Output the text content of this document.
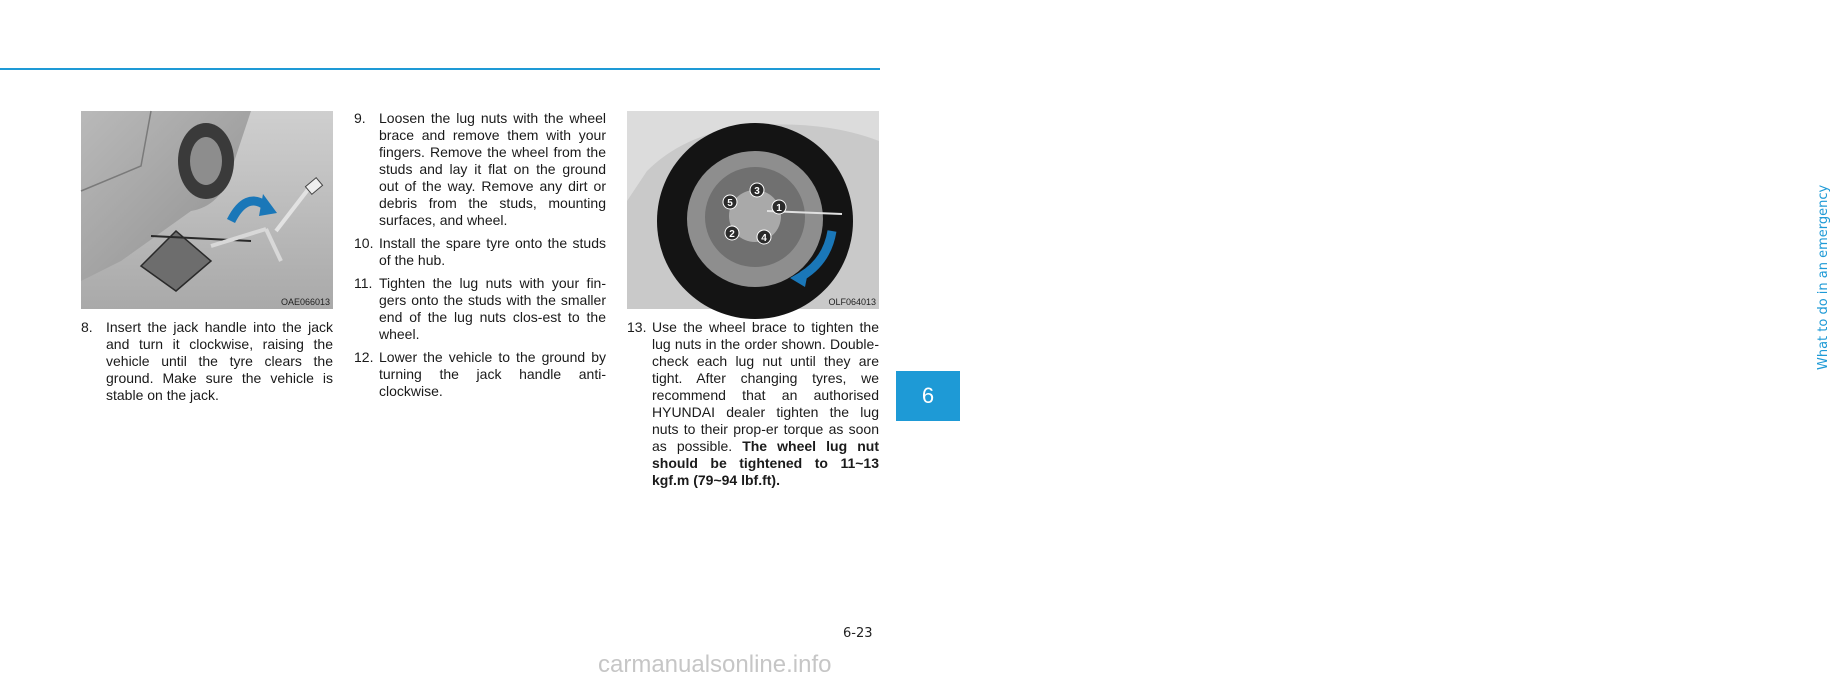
What to do in an emergency
6
OAE066013
1
2
3
4
5
OLF064013

8. Insert the jack handle into the jack and turn it clockwise, raising the vehicle until the tyre clears the ground. Make sure the vehicle is stable on the jack.

9. Loosen the lug nuts with the wheel brace and remove them with your fingers. Remove the wheel from the studs and lay it flat on the ground out of the way. Remove any dirt or debris from the studs, mounting surfaces, and wheel.

10. Install the spare tyre onto the studs of the hub.

11. Tighten the lug nuts with your fin-gers onto the studs with the smaller end of the lug nuts clos-est to the wheel.

12. Lower the vehicle to the ground by turning the jack handle anti-clockwise.

13. Use the wheel brace to tighten the lug nuts in the order shown. Double-check each lug nut until they are tight. After changing tyres, we recommend that an authorised HYUNDAI dealer tighten the lug nuts to their prop-er torque as soon as possible. The wheel lug nut should be tightened to 11~13 kgf.m (79~94 lbf.ft).

6-23
carmanualsonline.info
